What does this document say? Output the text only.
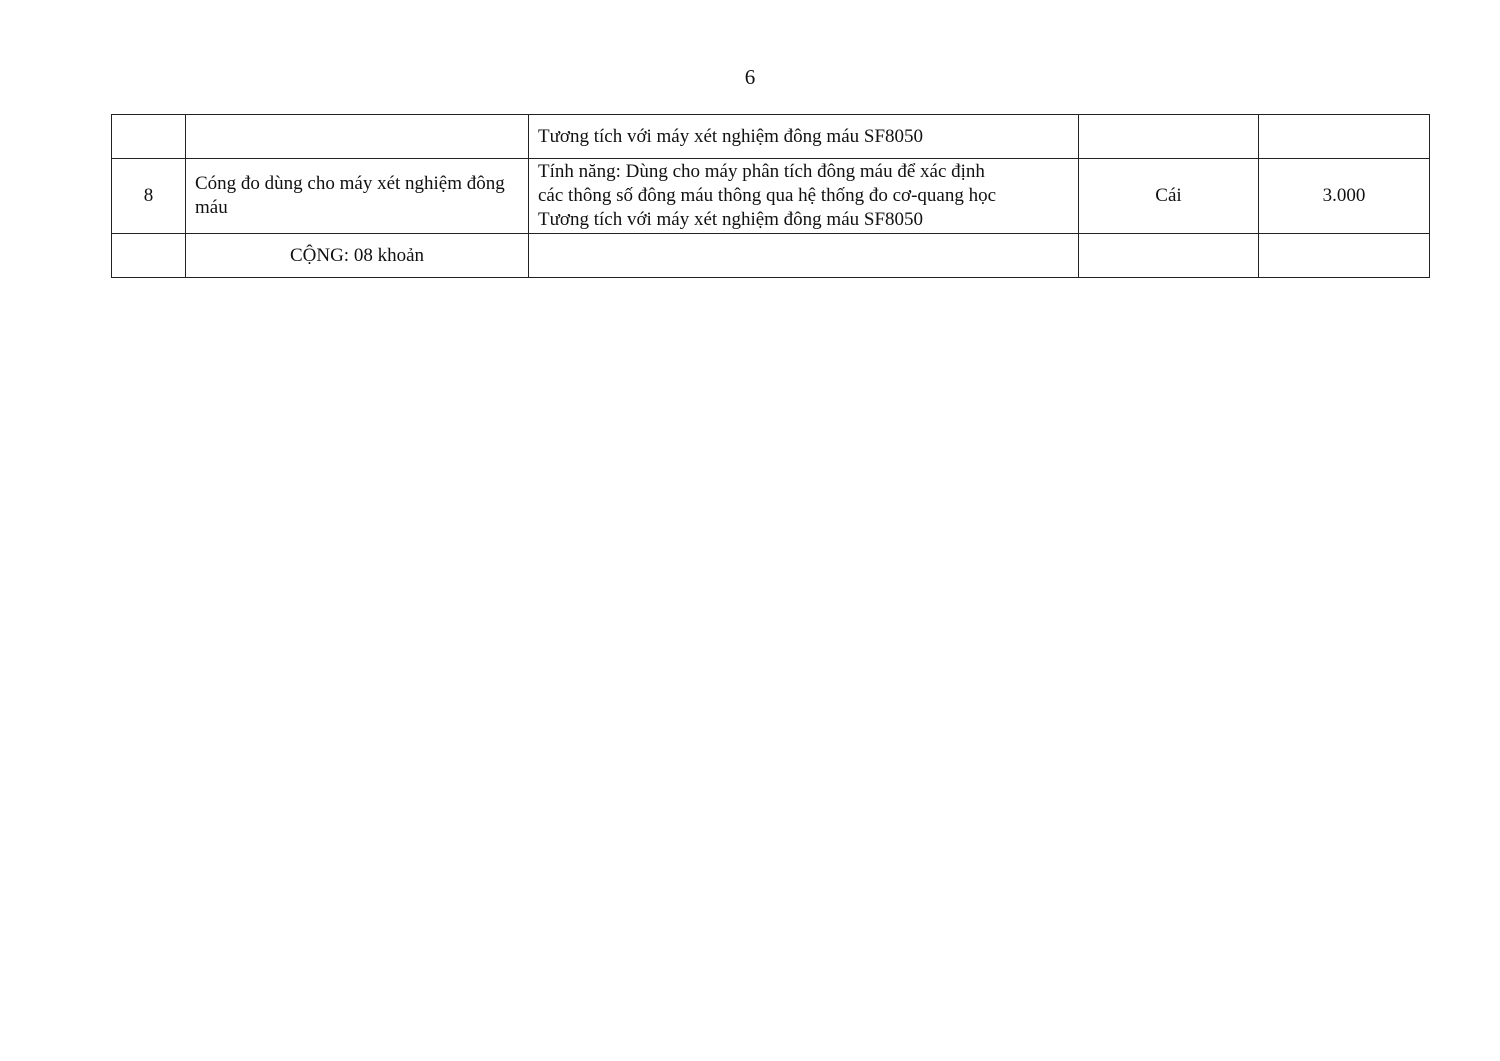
6

		Tương tích với máy xét nghiệm đông máu SF8050		

8	Cóng đo dùng cho máy xét nghiệm đông máu	Tính năng: Dùng cho máy phân tích đông máu để xác định
các thông số đông máu thông qua hệ thống đo cơ-quang học
Tương tích với máy xét nghiệm đông máu SF8050	Cái	3.000
	CỘNG: 08 khoản			
